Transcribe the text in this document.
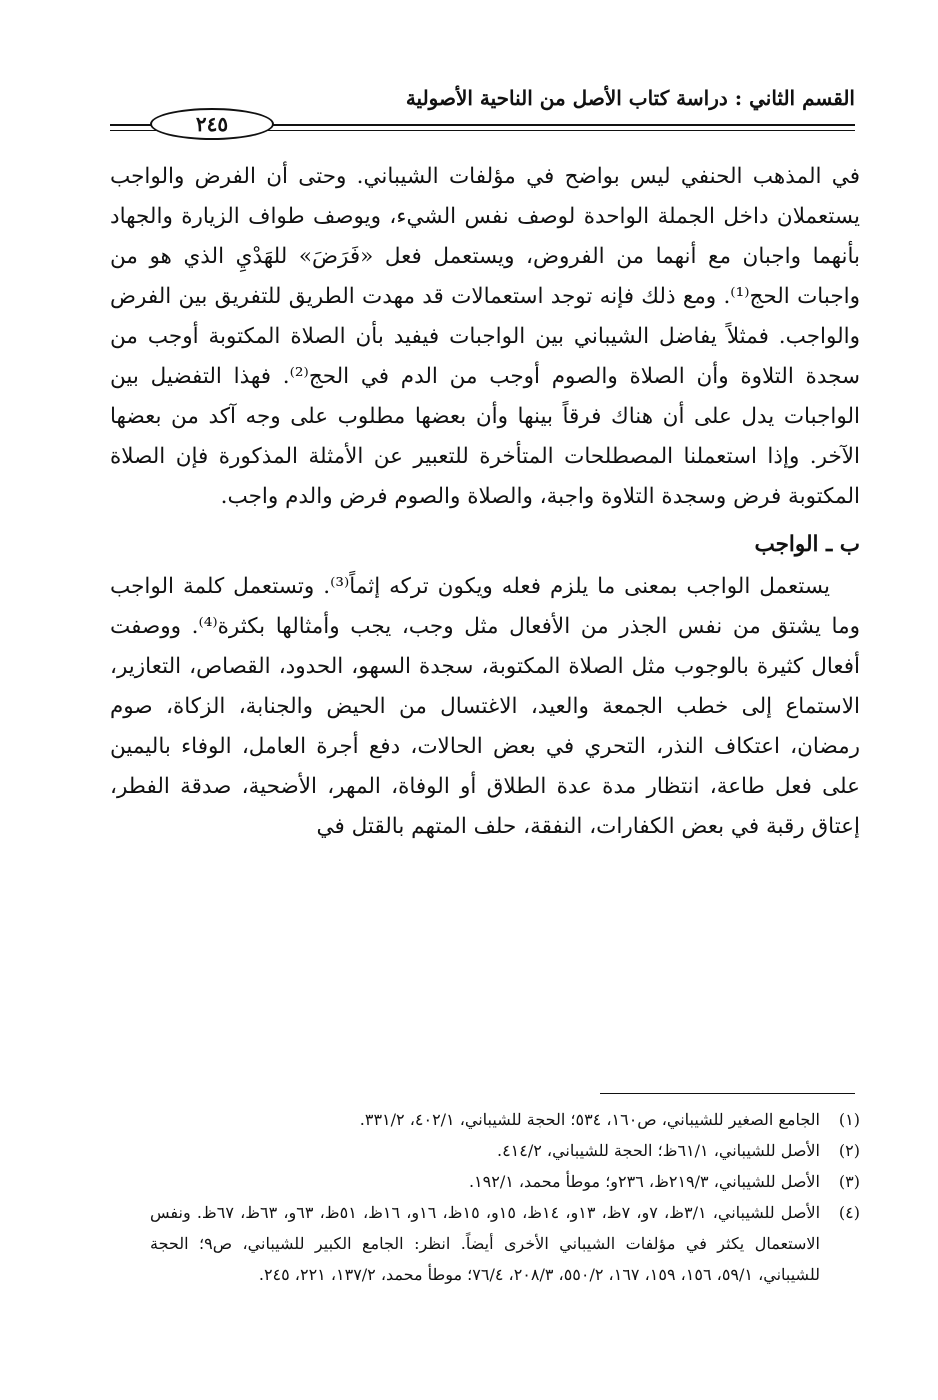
القسم الثاني : دراسة كتاب الأصل من الناحية الأصولية
٢٤٥

في المذهب الحنفي ليس بواضح في مؤلفات الشيباني. وحتى أن الفرض والواجب يستعملان داخل الجملة الواحدة لوصف نفس الشيء، ويوصف طواف الزيارة والجهاد بأنهما واجبان مع أنهما من الفروض، ويستعمل فعل «فَرَضَ» للهَدْيِ الذي هو من واجبات الحج⁽¹⁾. ومع ذلك فإنه توجد استعمالات قد مهدت الطريق للتفريق بين الفرض والواجب. فمثلاً يفاضل الشيباني بين الواجبات فيفيد بأن الصلاة المكتوبة أوجب من سجدة التلاوة وأن الصلاة والصوم أوجب من الدم في الحج⁽²⁾. فهذا التفضيل بين الواجبات يدل على أن هناك فرقاً بينها وأن بعضها مطلوب على وجه آكد من بعضها الآخر. وإذا استعملنا المصطلحات المتأخرة للتعبير عن الأمثلة المذكورة فإن الصلاة المكتوبة فرض وسجدة التلاوة واجبة، والصلاة والصوم فرض والدم واجب.

ب ـ الواجب

يستعمل الواجب بمعنى ما يلزم فعله ويكون تركه إثماً⁽³⁾. وتستعمل كلمة الواجب وما يشتق من نفس الجذر من الأفعال مثل وجب، يجب وأمثالها بكثرة⁽⁴⁾. ووصفت أفعال كثيرة بالوجوب مثل الصلاة المكتوبة، سجدة السهو، الحدود، القصاص، التعازير، الاستماع إلى خطب الجمعة والعيد، الاغتسال من الحيض والجنابة، الزكاة، صوم رمضان، اعتكاف النذر، التحري في بعض الحالات، دفع أجرة العامل، الوفاء باليمين على فعل طاعة، انتظار مدة عدة الطلاق أو الوفاة، المهر، الأضحية، صدقة الفطر، إعتاق رقبة في بعض الكفارات، النفقة، حلف المتهم بالقتل في

(١)
الجامع الصغير للشيباني، ص١٦٠، ٥٣٤؛ الحجة للشيباني، ٤٠٢/١، ٣٣١/٢.
(٢)
الأصل للشيباني، ٦١/١ظ؛ الحجة للشيباني، ٤١٤/٢.
(٣)
الأصل للشيباني، ٢١٩/٣ظ، ٢٣٦و؛ موطأ محمد، ١٩٢/١.
(٤)
الأصل للشيباني، ٣/١ظ، ٧و، ٧ظ، ١٣و، ١٤ظ، ١٥و، ١٥ظ، ١٦و، ١٦ظ، ٥١ظ، ٦٣و، ٦٣ظ، ٦٧ظ. ونفس الاستعمال يكثر في مؤلفات الشيباني الأخرى أيضاً. انظر: الجامع الكبير للشيباني، ص٩؛ الحجة للشيباني، ٥٩/١، ١٥٦، ١٥٩، ١٦٧، ٥٥٠/٢، ٢٠٨/٣، ٧٦/٤؛ موطأ محمد، ١٣٧/٢، ٢٢١، ٢٤٥.
